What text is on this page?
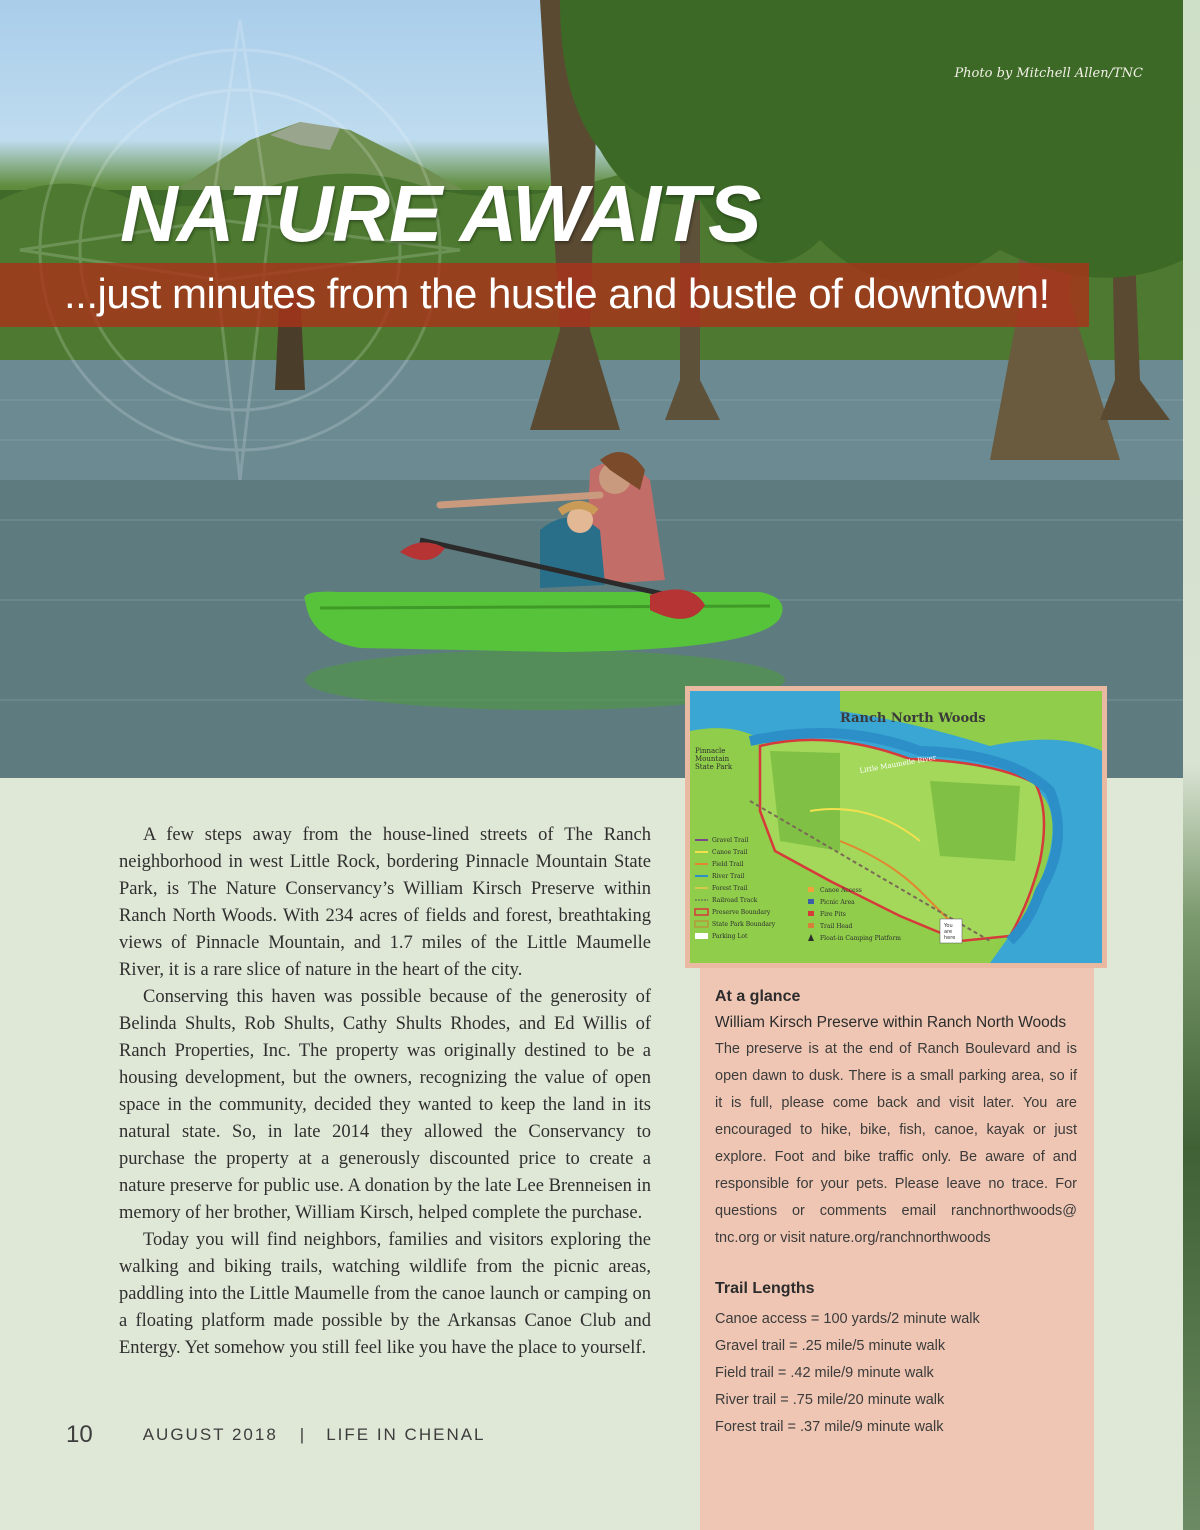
Photo by Mitchell Allen/TNC
NATURE AWAITS
...just minutes from the hustle and bustle of downtown!

A few steps away from the house-lined streets of The Ranch neighborhood in west Little Rock, bordering Pinnacle Mountain State Park, is The Nature Conservancy’s William Kirsch Preserve within Ranch North Woods. With 234 acres of fields and forest, breathtaking views of Pinnacle Mountain, and 1.7 miles of the Little Maumelle River, it is a rare slice of nature in the heart of the city.

Conserving this haven was possible because of the generosity of Belinda Shults, Rob Shults, Cathy Shults Rhodes, and Ed Willis of Ranch Properties, Inc. The property was originally destined to be a housing development, but the owners, recognizing the value of open space in the community, decided they wanted to keep the land in its natural state. So, in late 2014 they allowed the Conservancy to purchase the property at a generously discounted price to create a nature preserve for public use. A donation by the late Lee Brenneisen in memory of her brother, William Kirsch, helped complete the purchase.

Today you will find neighbors, families and visitors exploring the walking and biking trails, watching wildlife from the picnic areas, paddling into the Little Maumelle from the canoe launch or camping on a floating platform made possible by the Arkansas Canoe Club and Entergy. Yet somehow you still feel like you have the place to yourself.

Ranch North Woods
Pinnacle Mountain State Park	Little Maumelle River
You are here
Gravel Trail
Canoe Trail
Field Trail
River Trail
Forest Trail
Railroad Track
Preserve Boundary
State Park Boundary
Parking Lot
Canoe Access
Picnic Area
Fire Pits
Trail Head
Float-in Camping Platform
At a glance
William Kirsch Preserve within Ranch North Woods

The preserve is at the end of Ranch Boulevard and is open dawn to dusk. There is a small parking area, so if it is full, please come back and visit later. You are encouraged to hike, bike, fish, canoe, kayak or just explore. Foot and bike traffic only. Be aware of and responsible for your pets. Please leave no trace. For questions or comments email ranchnorthwoods@ tnc.org or visit nature.org/ranchnorthwoods

Trail Lengths
Canoe access = 100 yards/2 minute walk
Gravel trail = .25 mile/5 minute walk
Field trail = .42 mile/9 minute walk
River trail = .75 mile/20 minute walk
Forest trail = .37 mile/9 minute walk
10	AUGUST 2018 | LIFE IN CHENAL
